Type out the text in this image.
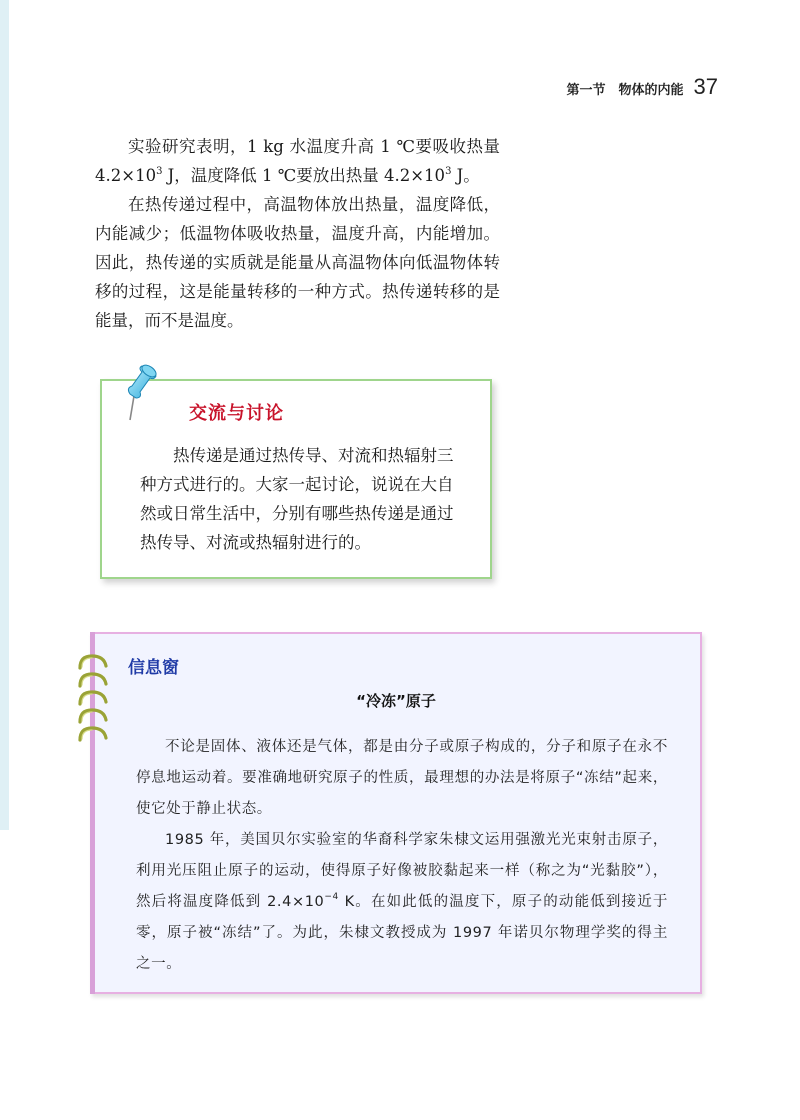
第一节　物体的内能 37

实验研究表明，1 kg 水温度升高 1 ℃要吸收热量 $4.2\times 10^3$ J，温度降低 1 ℃要放出热量 $4.2\times 10^3$ J。

在热传递过程中，高温物体放出热量，温度降低，内能减少；低温物体吸收热量，温度升高，内能增加。因此，热传递的实质就是能量从高温物体向低温物体转移的过程，这是能量转移的一种方式。热传递转移的是能量，而不是温度。

交流与讨论

热传递是通过热传导、对流和热辐射三种方式进行的。大家一起讨论，说说在大自然或日常生活中，分别有哪些热传递是通过热传导、对流或热辐射进行的。

信息窗
“冷冻”原子

不论是固体、液体还是气体，都是由分子或原子构成的，分子和原子在永不停息地运动着。要准确地研究原子的性质，最理想的办法是将原子“冻结”起来，使它处于静止状态。

1985 年，美国贝尔实验室的华裔科学家朱棣文运用强激光光束射击原子，利用光压阻止原子的运动，使得原子好像被胶黏起来一样（称之为“光黏胶”），然后将温度降低到 $2.4\times 10^{-4}$ K。在如此低的温度下，原子的动能低到接近于零，原子被“冻结”了。为此，朱棣文教授成为 1997 年诺贝尔物理学奖的得主之一。
